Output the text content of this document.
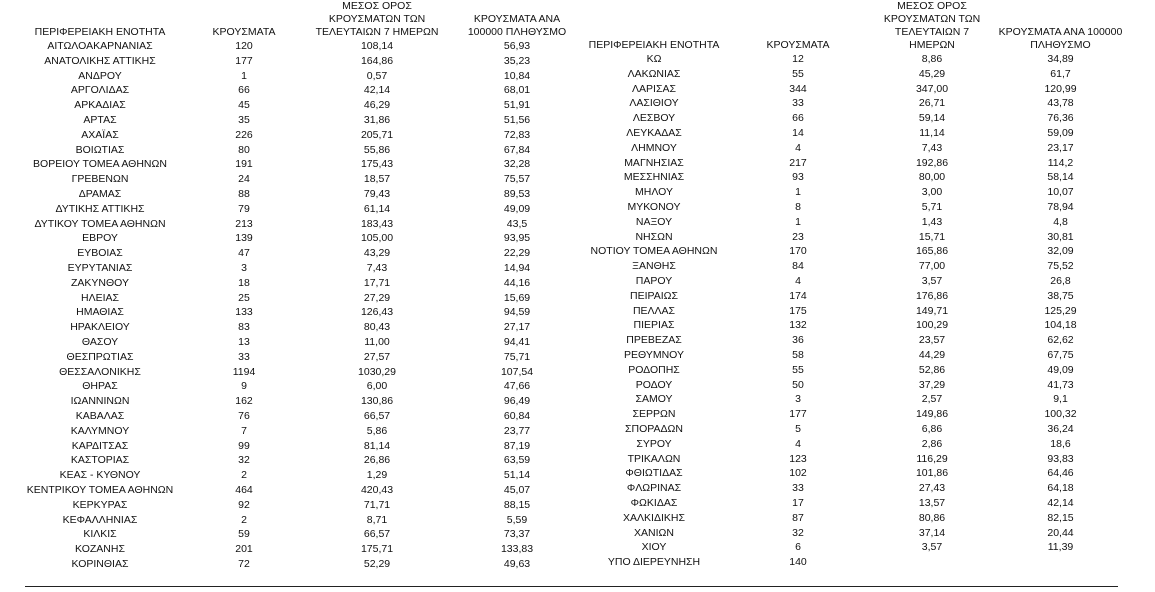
ΠΕΡΙΦΕΡΕΙΑΚΗ ΕΝΟΤΗΤΑ	ΚΡΟΥΣΜΑΤΑ	ΜΕΣΟΣ ΟΡΟΣ ΚΡΟΥΣΜΑΤΩΝ ΤΩΝ ΤΕΛΕΥΤΑΙΩΝ 7 ΗΜΕΡΩΝ	ΚΡΟΥΣΜΑΤΑ ΑΝΑ 100000 ΠΛΗΘΥΣΜΟ

ΑΙΤΩΛΟΑΚΑΡΝΑΝΙΑΣ	120	108,14	56,93
ΑΝΑΤΟΛΙΚΗΣ ΑΤΤΙΚΗΣ	177	164,86	35,23
ΑΝΔΡΟΥ	1	0,57	10,84
ΑΡΓΟΛΙΔΑΣ	66	42,14	68,01
ΑΡΚΑΔΙΑΣ	45	46,29	51,91
ΑΡΤΑΣ	35	31,86	51,56
ΑΧΑΪΑΣ	226	205,71	72,83
ΒΟΙΩΤΙΑΣ	80	55,86	67,84
ΒΟΡΕΙΟΥ ΤΟΜΕΑ ΑΘΗΝΩΝ	191	175,43	32,28
ΓΡΕΒΕΝΩΝ	24	18,57	75,57
ΔΡΑΜΑΣ	88	79,43	89,53
ΔΥΤΙΚΗΣ ΑΤΤΙΚΗΣ	79	61,14	49,09
ΔΥΤΙΚΟΥ ΤΟΜΕΑ ΑΘΗΝΩΝ	213	183,43	43,5
ΕΒΡΟΥ	139	105,00	93,95
ΕΥΒΟΙΑΣ	47	43,29	22,29
ΕΥΡΥΤΑΝΙΑΣ	3	7,43	14,94
ΖΑΚΥΝΘΟΥ	18	17,71	44,16
ΗΛΕΙΑΣ	25	27,29	15,69
ΗΜΑΘΙΑΣ	133	126,43	94,59
ΗΡΑΚΛΕΙΟΥ	83	80,43	27,17
ΘΑΣΟΥ	13	11,00	94,41
ΘΕΣΠΡΩΤΙΑΣ	33	27,57	75,71
ΘΕΣΣΑΛΟΝΙΚΗΣ	1194	1030,29	107,54
ΘΗΡΑΣ	9	6,00	47,66
ΙΩΑΝΝΙΝΩΝ	162	130,86	96,49
ΚΑΒΑΛΑΣ	76	66,57	60,84
ΚΑΛΥΜΝΟΥ	7	5,86	23,77
ΚΑΡΔΙΤΣΑΣ	99	81,14	87,19
ΚΑΣΤΟΡΙΑΣ	32	26,86	63,59
ΚΕΑΣ - ΚΥΘΝΟΥ	2	1,29	51,14
ΚΕΝΤΡΙΚΟΥ ΤΟΜΕΑ ΑΘΗΝΩΝ	464	420,43	45,07
ΚΕΡΚΥΡΑΣ	92	71,71	88,15
ΚΕΦΑΛΛΗΝΙΑΣ	2	8,71	5,59
ΚΙΛΚΙΣ	59	66,57	73,37
ΚΟΖΑΝΗΣ	201	175,71	133,83
ΚΟΡΙΝΘΙΑΣ	72	52,29	49,63
ΠΕΡΙΦΕΡΕΙΑΚΗ ΕΝΟΤΗΤΑ	ΚΡΟΥΣΜΑΤΑ	ΜΕΣΟΣ ΟΡΟΣ ΚΡΟΥΣΜΑΤΩΝ ΤΩΝ ΤΕΛΕΥΤΑΙΩΝ 7 ΗΜΕΡΩΝ	ΚΡΟΥΣΜΑΤΑ ΑΝΑ 100000 ΠΛΗΘΥΣΜΟ

ΚΩ	12	8,86	34,89
ΛΑΚΩΝΙΑΣ	55	45,29	61,7
ΛΑΡΙΣΑΣ	344	347,00	120,99
ΛΑΣΙΘΙΟΥ	33	26,71	43,78
ΛΕΣΒΟΥ	66	59,14	76,36
ΛΕΥΚΑΔΑΣ	14	11,14	59,09
ΛΗΜΝΟΥ	4	7,43	23,17
ΜΑΓΝΗΣΙΑΣ	217	192,86	114,2
ΜΕΣΣΗΝΙΑΣ	93	80,00	58,14
ΜΗΛΟΥ	1	3,00	10,07
ΜΥΚΟΝΟΥ	8	5,71	78,94
ΝΑΞΟΥ	1	1,43	4,8
ΝΗΣΩΝ	23	15,71	30,81
ΝΟΤΙΟΥ ΤΟΜΕΑ ΑΘΗΝΩΝ	170	165,86	32,09
ΞΑΝΘΗΣ	84	77,00	75,52
ΠΑΡΟΥ	4	3,57	26,8
ΠΕΙΡΑΙΩΣ	174	176,86	38,75
ΠΕΛΛΑΣ	175	149,71	125,29
ΠΙΕΡΙΑΣ	132	100,29	104,18
ΠΡΕΒΕΖΑΣ	36	23,57	62,62
ΡΕΘΥΜΝΟΥ	58	44,29	67,75
ΡΟΔΟΠΗΣ	55	52,86	49,09
ΡΟΔΟΥ	50	37,29	41,73
ΣΑΜΟΥ	3	2,57	9,1
ΣΕΡΡΩΝ	177	149,86	100,32
ΣΠΟΡΑΔΩΝ	5	6,86	36,24
ΣΥΡΟΥ	4	2,86	18,6
ΤΡΙΚΑΛΩΝ	123	116,29	93,83
ΦΘΙΩΤΙΔΑΣ	102	101,86	64,46
ΦΛΩΡΙΝΑΣ	33	27,43	64,18
ΦΩΚΙΔΑΣ	17	13,57	42,14
ΧΑΛΚΙΔΙΚΗΣ	87	80,86	82,15
ΧΑΝΙΩΝ	32	37,14	20,44
ΧΙΟΥ	6	3,57	11,39
ΥΠΟ ΔΙΕΡΕΥΝΗΣΗ	140		
